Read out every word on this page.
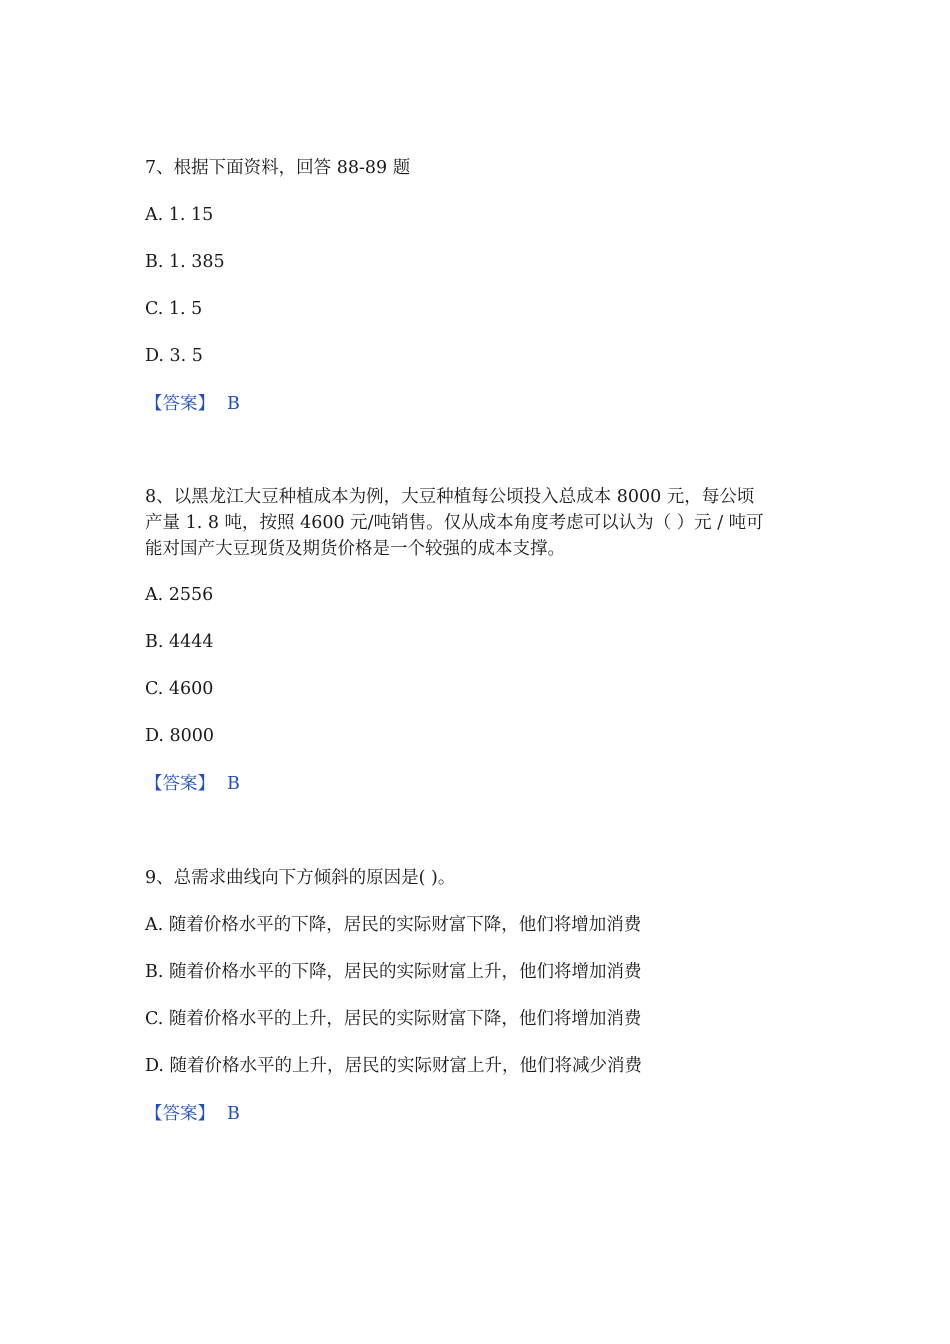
7、根据下面资料，回答 88-89 题
A. 1. 15
B. 1. 385
C. 1. 5
D. 3. 5
【答案】 B
8、以黑龙江大豆种植成本为例，大豆种植每公顷投入总成本 8000 元，每公顷
产量 1. 8 吨，按照 4600 元/吨销售。仅从成本角度考虑可以认为（ ）元 / 吨可
能对国产大豆现货及期货价格是一个较强的成本支撑。
A. 2556
B. 4444
C. 4600
D. 8000
【答案】 B
9、总需求曲线向下方倾斜的原因是( )。
A. 随着价格水平的下降，居民的实际财富下降，他们将增加消费
B. 随着价格水平的下降，居民的实际财富上升，他们将增加消费
C. 随着价格水平的上升，居民的实际财富下降，他们将增加消费
D. 随着价格水平的上升，居民的实际财富上升，他们将减少消费
【答案】 B
